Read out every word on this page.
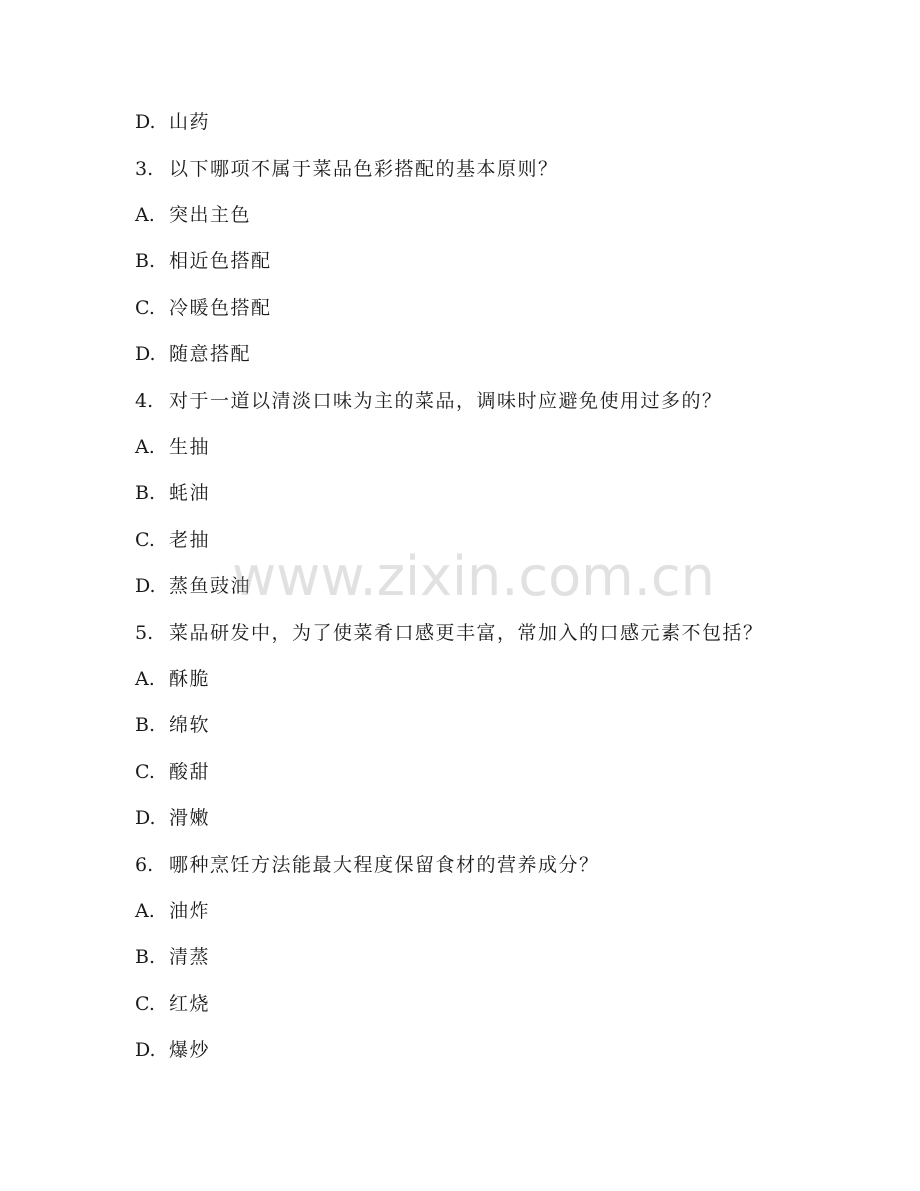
D. 山药
3. 以下哪项不属于菜品色彩搭配的基本原则？
A. 突出主色
B. 相近色搭配
C. 冷暖色搭配
D. 随意搭配
4. 对于一道以清淡口味为主的菜品，调味时应避免使用过多的？
A. 生抽
B. 蚝油
C. 老抽
D. 蒸鱼豉油
5. 菜品研发中，为了使菜肴口感更丰富，常加入的口感元素不包括？
A. 酥脆
B. 绵软
C. 酸甜
D. 滑嫩
6. 哪种烹饪方法能最大程度保留食材的营养成分？
A. 油炸
B. 清蒸
C. 红烧
D. 爆炒
www.zixin.com.cn
